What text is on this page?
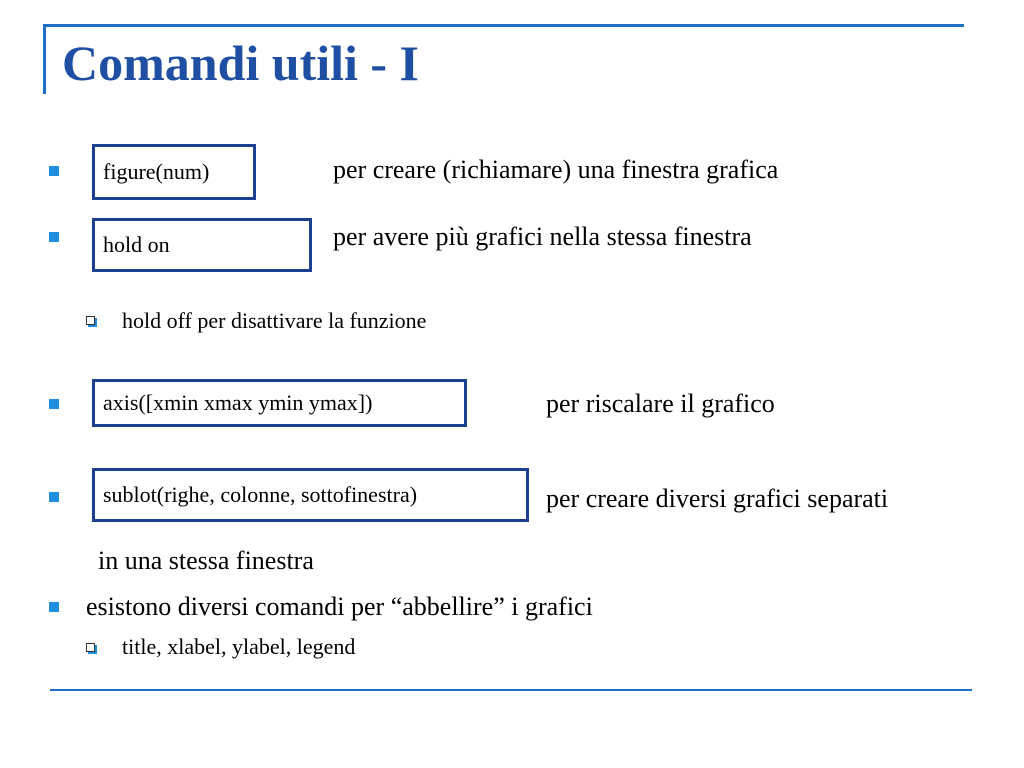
Comandi utili - I
figure(num)	per creare (richiamare) una finestra grafica
hold on	per avere più grafici nella stessa finestra
hold off per disattivare la funzione
axis([xmin xmax ymin ymax])	per riscalare il grafico
sublot(righe, colonne, sottofinestra)	per creare diversi grafici separati
in una stessa finestra
esistono diversi comandi per “abbellire” i grafici
title, xlabel, ylabel, legend
